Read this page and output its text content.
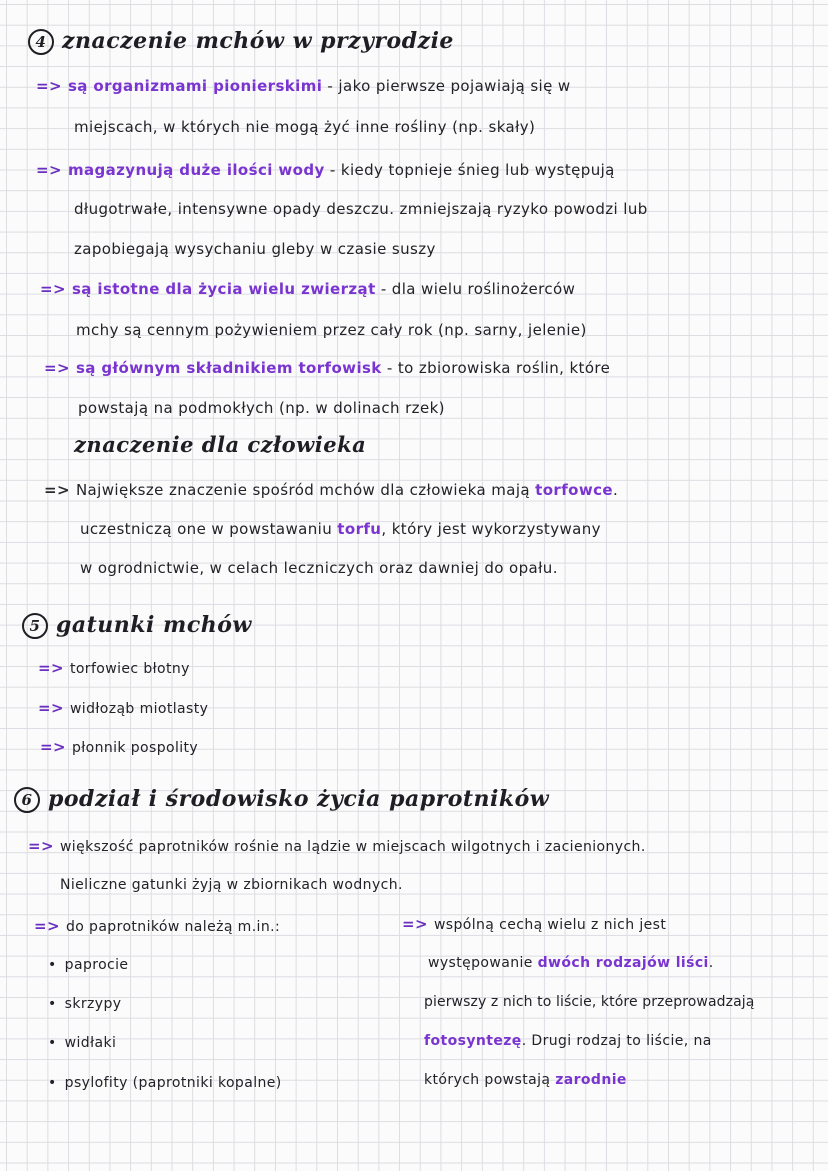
4 znaczenie mchów w przyrodzie
=> są organizmami pionierskimi - jako pierwsze pojawiają się w
miejscach, w których nie mogą żyć inne rośliny (np. skały)
=> magazynują duże ilości wody - kiedy topnieje śnieg lub występują
długotrwałe, intensywne opady deszczu. zmniejszają ryzyko powodzi lub
zapobiegają wysychaniu gleby w czasie suszy
=> są istotne dla życia wielu zwierząt - dla wielu roślinożerców
mchy są cennym pożywieniem przez cały rok (np. sarny, jelenie)
=> są głównym składnikiem torfowisk - to zbiorowiska roślin, które
powstają na podmokłych (np. w dolinach rzek)
znaczenie dla człowieka
=> Największe znaczenie spośród mchów dla człowieka mają torfowce.
uczestniczą one w powstawaniu torfu, który jest wykorzystywany
w ogrodnictwie, w celach leczniczych oraz dawniej do opału.
5 gatunki mchów
=> torfowiec błotny
=> widłoząb miotlasty
=> płonnik pospolity
6 podział i środowisko życia paprotników
=> większość paprotników rośnie na lądzie w miejscach wilgotnych i zacienionych.
Nieliczne gatunki żyją w zbiornikach wodnych.
=> do paprotników należą m.in.:
• paprocie
• skrzypy
• widłaki
• psylofity (paprotniki kopalne)
=> wspólną cechą wielu z nich jest
występowanie dwóch rodzajów liści.
pierwszy z nich to liście, które przeprowadzają
fotosyntezę. Drugi rodzaj to liście, na
których powstają zarodnie
